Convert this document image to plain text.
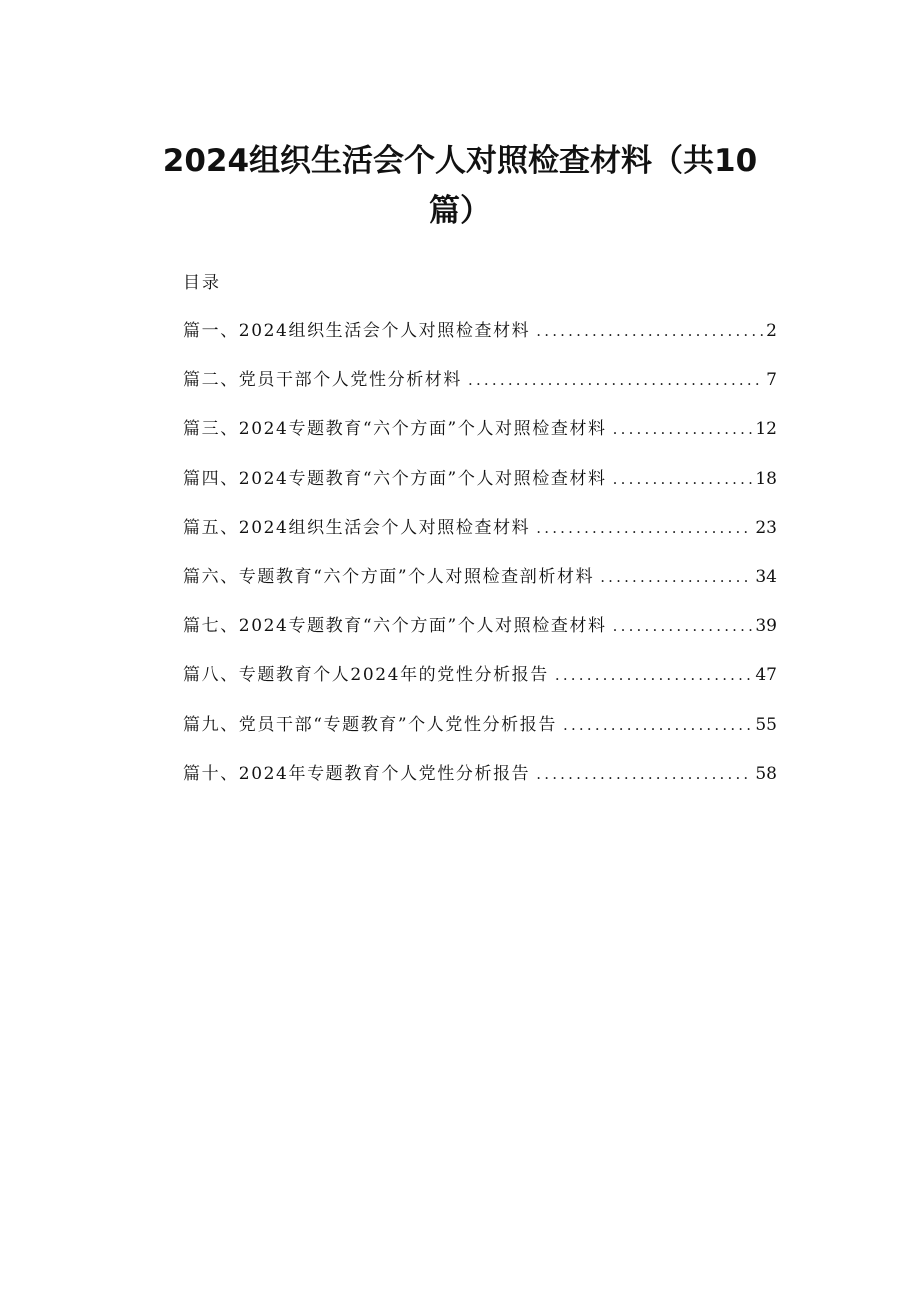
2024组织生活会个人对照检查材料（共10
篇）
目录
篇一、2024组织生活会个人对照检查材料 .....	2
篇二、党员干部个人党性分析材料 .....	7
篇三、2024专题教育“六个方面”个人对照检查材料 .....	12
篇四、2024专题教育“六个方面”个人对照检查材料 .....	18
篇五、2024组织生活会个人对照检查材料 .....	23
篇六、专题教育“六个方面”个人对照检查剖析材料 .....	34
篇七、2024专题教育“六个方面”个人对照检查材料 .....	39
篇八、专题教育个人2024年的党性分析报告 .....	47
篇九、党员干部“专题教育”个人党性分析报告 .....	55
篇十、2024年专题教育个人党性分析报告 .....	58
